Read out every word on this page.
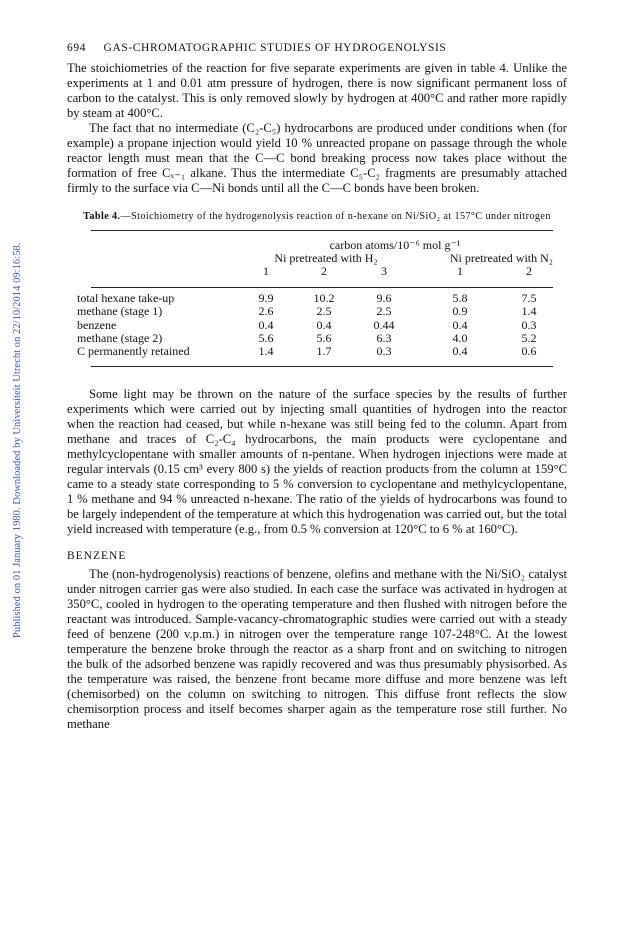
Published on 01 January 1980. Downloaded by Universiteit Utrecht on 22/10/2014 09:16:58.
694 GAS-CHROMATOGRAPHIC STUDIES OF HYDROGENOLYSIS

The stoichiometries of the reaction for five separate experiments are given in table 4. Unlike the experiments at 1 and 0.01 atm pressure of hydrogen, there is now significant permanent loss of carbon to the catalyst. This is only removed slowly by hydrogen at 400°C and rather more rapidly by steam at 400°C.

The fact that no intermediate (C₂-C₅) hydrocarbons are produced under conditions when (for example) a propane injection would yield 10 % unreacted propane on passage through the whole reactor length must mean that the C—C bond breaking process now takes place without the formation of free Cₓ₋₁ alkane. Thus the intermediate C₅-C₂ fragments are presumably attached firmly to the surface via C—Ni bonds until all the C—C bonds have been broken.

Table 4.—Stoichiometry of the hydrogenolysis reaction of n-hexane on Ni/SiO₂ at 157°C under nitrogen
	carbon atoms/10⁻⁶ mol g⁻¹				
	Ni pretreated with H₂			Ni pretreated with N₂	
	1	2	3	1	2

total hexane take-up	9.9	10.2	9.6	5.8	7.5
methane (stage 1)	2.6	2.5	2.5	0.9	1.4
benzene	0.4	0.4	0.44	0.4	0.3
methane (stage 2)	5.6	5.6	6.3	4.0	5.2
C permanently retained	1.4	1.7	0.3	0.4	0.6

Some light may be thrown on the nature of the surface species by the results of further experiments which were carried out by injecting small quantities of hydrogen into the reactor when the reaction had ceased, but while n-hexane was still being fed to the column. Apart from methane and traces of C₂-C₄ hydrocarbons, the main products were cyclopentane and methylcyclopentane with smaller amounts of n-pentane. When hydrogen injections were made at regular intervals (0.15 cm³ every 800 s) the yields of reaction products from the column at 159°C came to a steady state corresponding to 5 % conversion to cyclopentane and methylcyclopentane, 1 % methane and 94 % unreacted n-hexane. The ratio of the yields of hydrocarbons was found to be largely independent of the temperature at which this hydrogenation was carried out, but the total yield increased with temperature (e.g., from 0.5 % conversion at 120°C to 6 % at 160°C).

BENZENE

The (non-hydrogenolysis) reactions of benzene, olefins and methane with the Ni/SiO₂ catalyst under nitrogen carrier gas were also studied. In each case the surface was activated in hydrogen at 350°C, cooled in hydrogen to the operating temperature and then flushed with nitrogen before the reactant was introduced. Sample-vacancy-chromatographic studies were carried out with a steady feed of benzene (200 v.p.m.) in nitrogen over the temperature range 107-248°C. At the lowest temperature the benzene broke through the reactor as a sharp front and on switching to nitrogen the bulk of the adsorbed benzene was rapidly recovered and was thus presumably physisorbed. As the temperature was raised, the benzene front became more diffuse and more benzene was left (chemisorbed) on the column on switching to nitrogen. This diffuse front reflects the slow chemisorption process and itself becomes sharper again as the temperature rose still further. No methane
